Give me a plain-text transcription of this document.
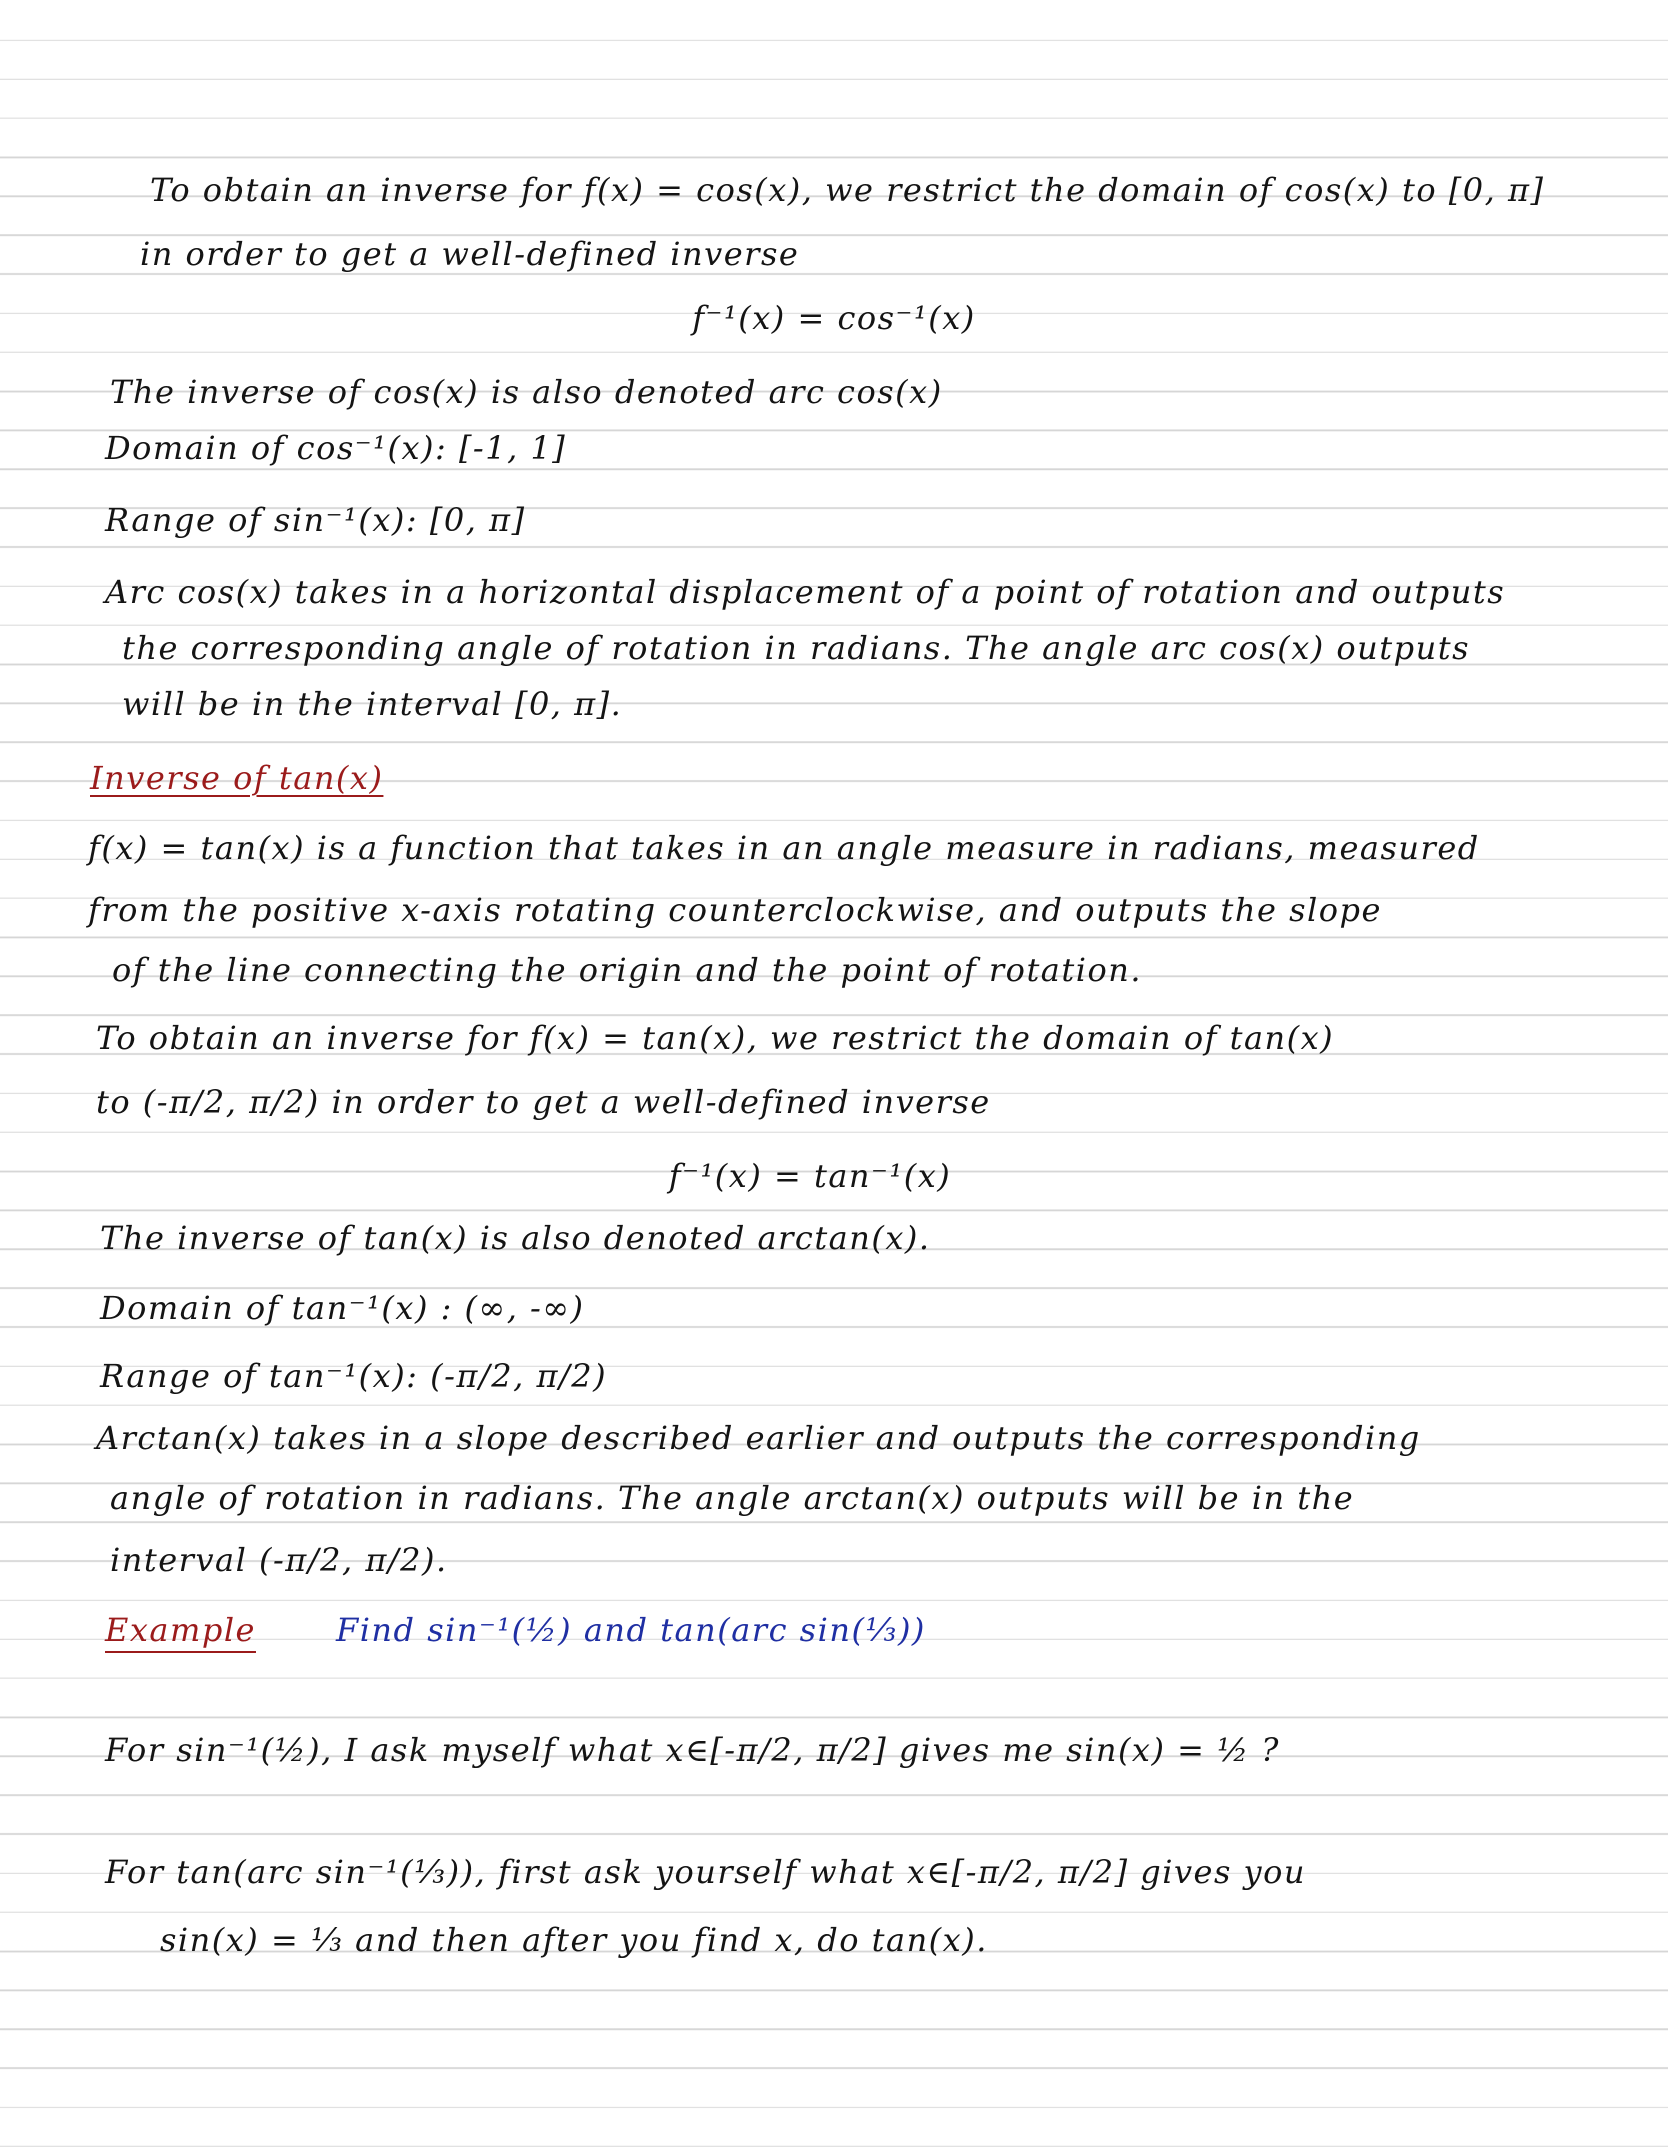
To obtain an inverse for f(x) = cos(x), we restrict the domain of cos(x) to [0, π]
in order to get a well-defined inverse
f⁻¹(x) = cos⁻¹(x)
The inverse of cos(x) is also denoted arc cos(x)
Domain of cos⁻¹(x): [-1, 1]
Range of sin⁻¹(x): [0, π]
Arc cos(x) takes in a horizontal displacement of a point of rotation and outputs
the corresponding angle of rotation in radians. The angle arc cos(x) outputs
will be in the interval [0, π].
Inverse of tan(x)
f(x) = tan(x) is a function that takes in an angle measure in radians, measured
from the positive x-axis rotating counterclockwise, and outputs the slope
of the line connecting the origin and the point of rotation.
To obtain an inverse for f(x) = tan(x), we restrict the domain of tan(x)
to (-π/2, π/2) in order to get a well-defined inverse
f⁻¹(x) = tan⁻¹(x)
The inverse of tan(x) is also denoted arctan(x).
Domain of tan⁻¹(x) : (∞, -∞)
Range of tan⁻¹(x): (-π/2, π/2)
Arctan(x) takes in a slope described earlier and outputs the corresponding
angle of rotation in radians. The angle arctan(x) outputs will be in the
interval (-π/2, π/2).
Example	Find sin⁻¹(½) and tan(arc sin(⅓))
For sin⁻¹(½), I ask myself what x∈[-π/2, π/2] gives me sin(x) = ½ ?
For tan(arc sin⁻¹(⅓)), first ask yourself what x∈[-π/2, π/2] gives you
sin(x) = ⅓ and then after you find x, do tan(x).
